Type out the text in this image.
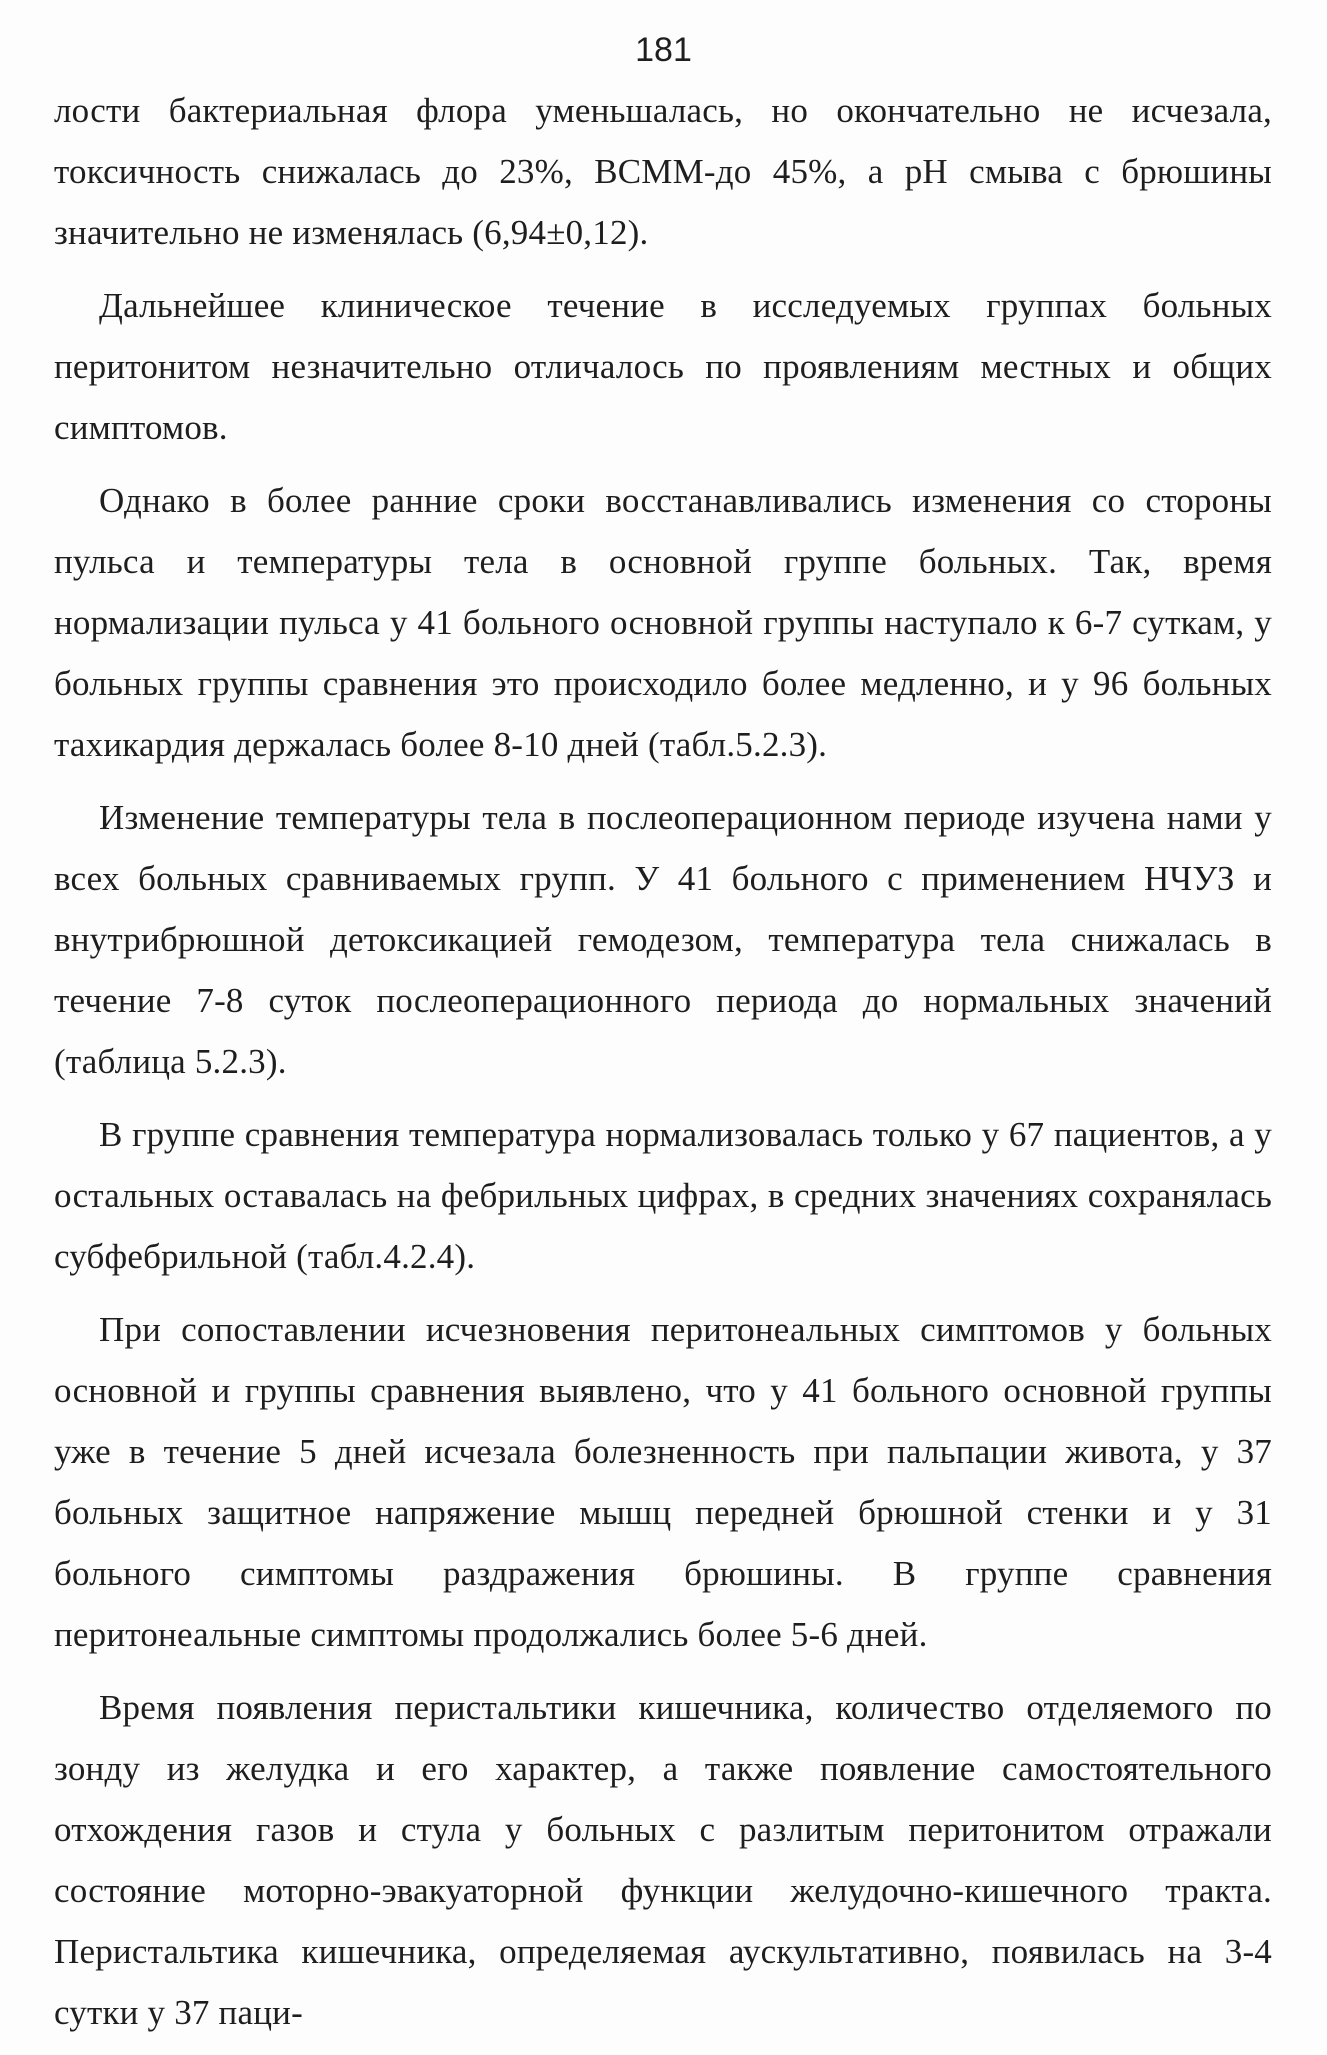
181

лости бактериальная флора уменьшалась, но окончательно не исчезала, токсичность снижалась до 23%, ВСММ-до 45%, а pH смыва с брюшины значительно не изменялась (6,94±0,12).

Дальнейшее клиническое течение в исследуемых группах больных перитонитом незначительно отличалось по проявлениям местных и общих симптомов.

Однако в более ранние сроки восстанавливались изменения со стороны пульса и температуры тела в основной группе больных. Так, время нормализации пульса у 41 больного основной группы наступало к 6-7 суткам, у больных группы сравнения это происходило более медленно, и у 96 больных тахикардия держалась более 8-10 дней (табл.5.2.3).

Изменение температуры тела в послеоперационном периоде изучена нами у всех больных сравниваемых групп. У 41 больного с применением НЧУЗ и внутрибрюшной детоксикацией гемодезом, температура тела снижалась в течение 7-8 суток послеоперационного периода до нормальных значений (таблица 5.2.3).

В группе сравнения температура нормализовалась только у 67 пациентов, а у остальных оставалась на фебрильных цифрах, в средних значениях сохранялась субфебрильной (табл.4.2.4).

При сопоставлении исчезновения перитонеальных симптомов у больных основной и группы сравнения выявлено, что у 41 больного основной группы уже в течение 5 дней исчезала болезненность при пальпации живота, у 37 больных защитное напряжение мышц передней брюшной стенки и у 31 больного симптомы раздражения брюшины. В группе сравнения перитонеальные симптомы продолжались более 5-6 дней.

Время появления перистальтики кишечника, количество отделяемого по зонду из желудка и его характер, а также появление самостоятельного отхождения газов и стула у больных с разлитым перитонитом отражали состояние моторно-эвакуаторной функции желудочно-кишечного тракта. Перистальтика кишечника, определяемая аускультативно, появилась на 3-4 сутки у 37 паци-
